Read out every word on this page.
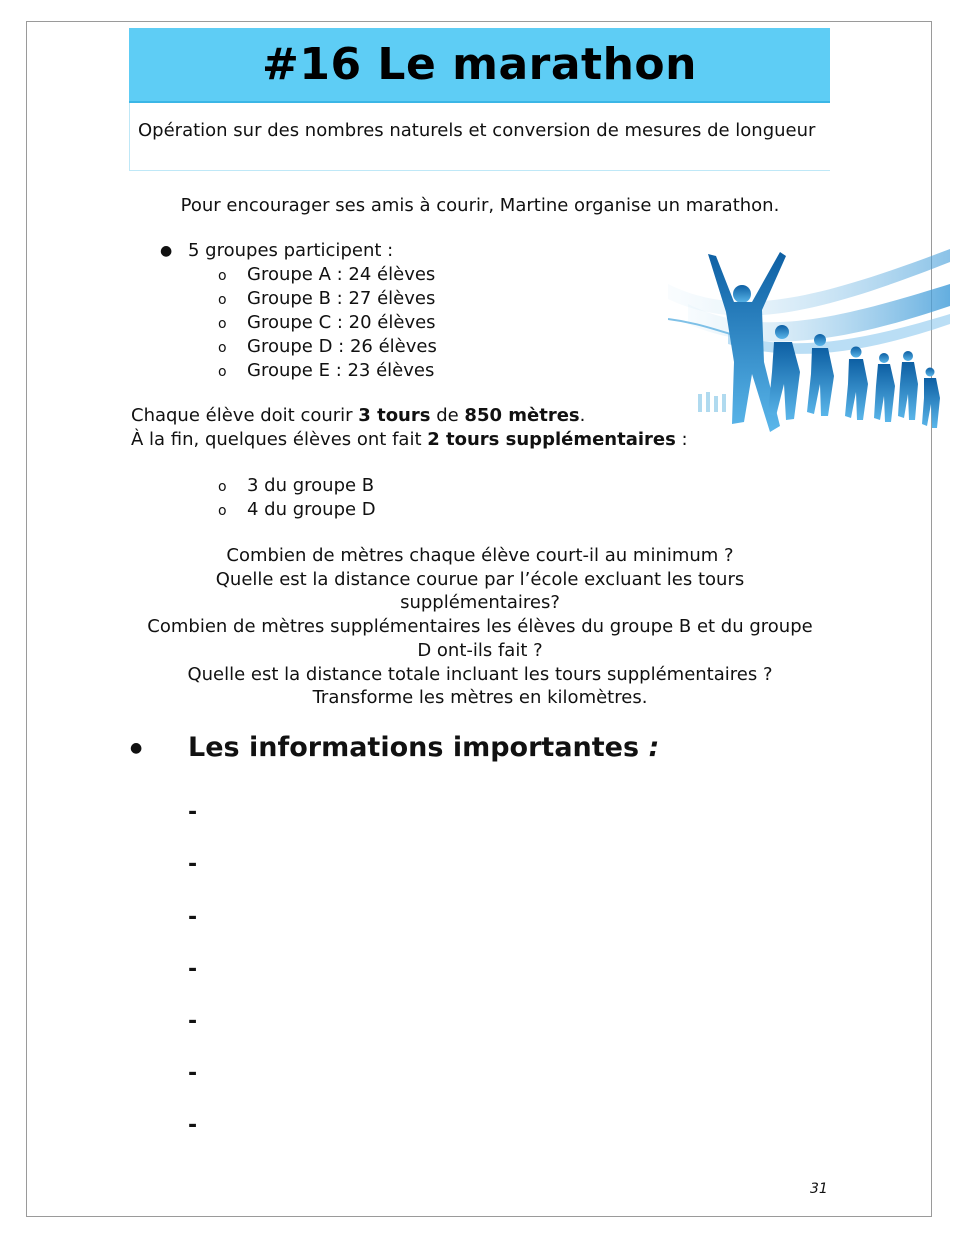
#16 Le marathon
Opération sur des nombres naturels et conversion de mesures de longueur
Pour encourager ses amis à courir, Martine organise un marathon.
● 5 groupes participent :
o Groupe A : 24 élèves
o Groupe B : 27 élèves
o Groupe C : 20 élèves
o Groupe D : 26 élèves
o Groupe E : 23 élèves
Chaque élève doit courir 3 tours de 850 mètres.
À la fin, quelques élèves ont fait 2 tours supplémentaires :
o 3 du groupe B
o 4 du groupe D
Combien de mètres chaque élève court-il au minimum ?
Quelle est la distance courue par l’école excluant les tours
supplémentaires?
Combien de mètres supplémentaires les élèves du groupe B et du groupe
D ont-ils fait ?
Quelle est la distance totale incluant les tours supplémentaires ?
Transforme les mètres en kilomètres.
● Les informations importantes :
-
-
-
-
-
-
-
31
